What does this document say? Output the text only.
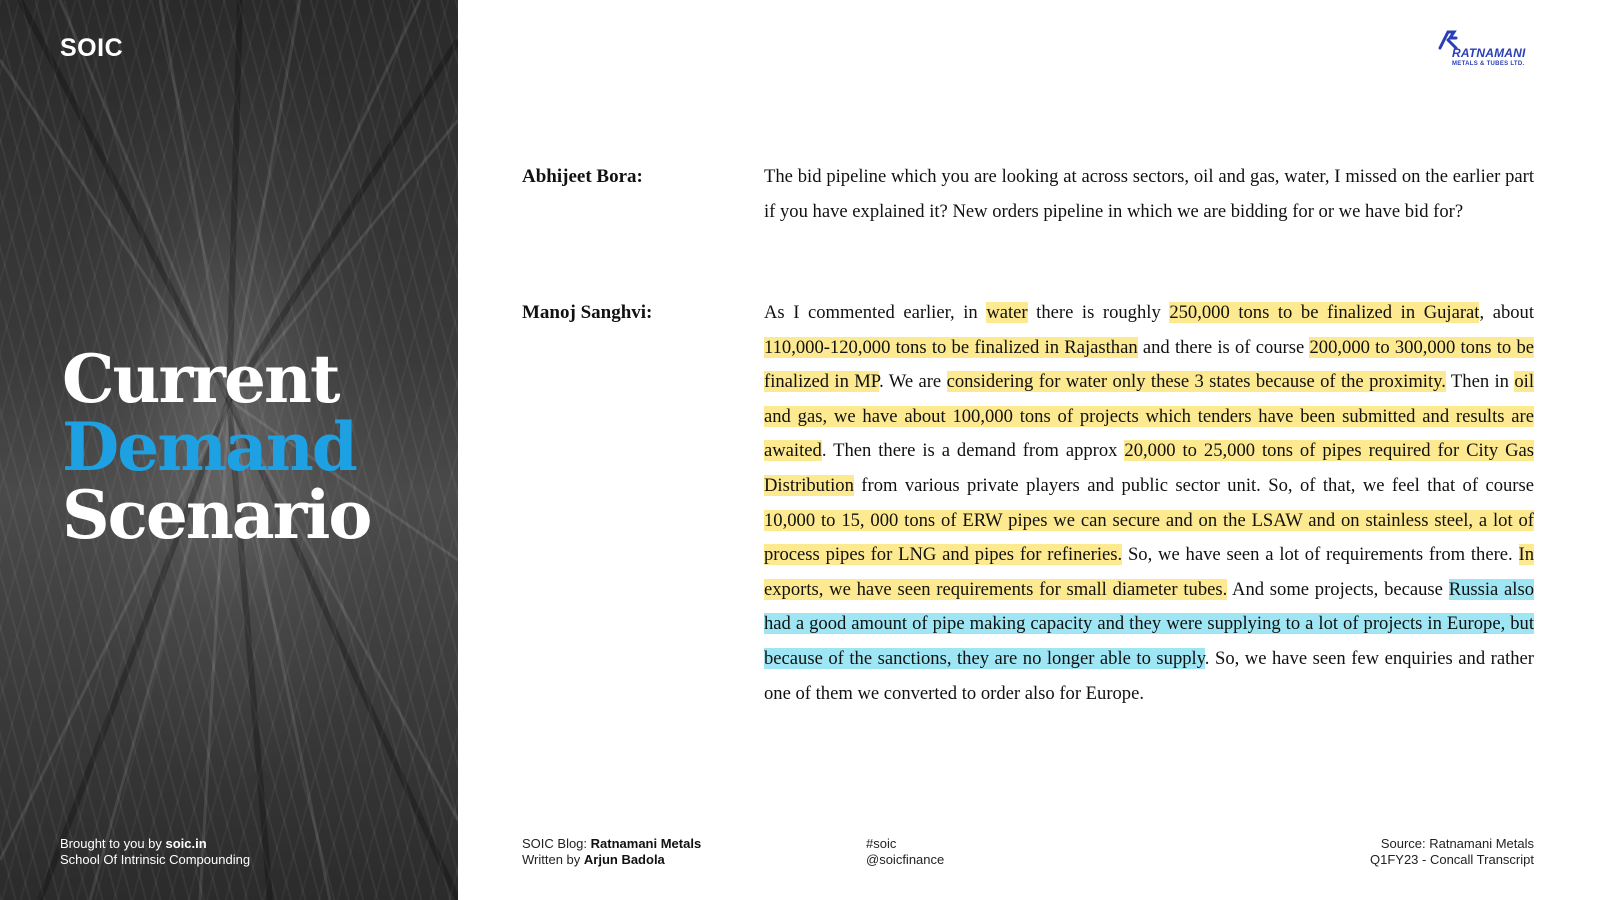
SOIC
Current
Demand
Scenario
Brought to you by soic.in
School Of Intrinsic Compounding
RATNAMANI
METALS & TUBES LTD.
Abhijeet Bora:	The bid pipeline which you are looking at across sectors, oil and gas, water, I missed on the earlier part if you have explained it? New orders pipeline in which we are bidding for or we have bid for?
Manoj Sanghvi:	As I commented earlier, in water there is roughly 250,000 tons to be finalized in Gujarat, about 110,000-120,000 tons to be finalized in Rajasthan and there is of course 200,000 to 300,000 tons to be finalized in MP. We are considering for water only these 3 states because of the proximity. Then in oil and gas, we have about 100,000 tons of projects which tenders have been submitted and results are awaited. Then there is a demand from approx 20,000 to 25,000 tons of pipes required for City Gas Distribution from various private players and public sector unit. So, of that, we feel that of course 10,000 to 15, 000 tons of ERW pipes we can secure and on the LSAW and on stainless steel, a lot of process pipes for LNG and pipes for refineries. So, we have seen a lot of requirements from there. In exports, we have seen requirements for small diameter tubes. And some projects, because Russia also had a good amount of pipe making capacity and they were supplying to a lot of projects in Europe, but because of the sanctions, they are no longer able to supply. So, we have seen few enquiries and rather one of them we converted to order also for Europe.
SOIC Blog: Ratnamani Metals
Written by Arjun Badola
#soic
@soicfinance
Source: Ratnamani Metals
Q1FY23 - Concall Transcript
